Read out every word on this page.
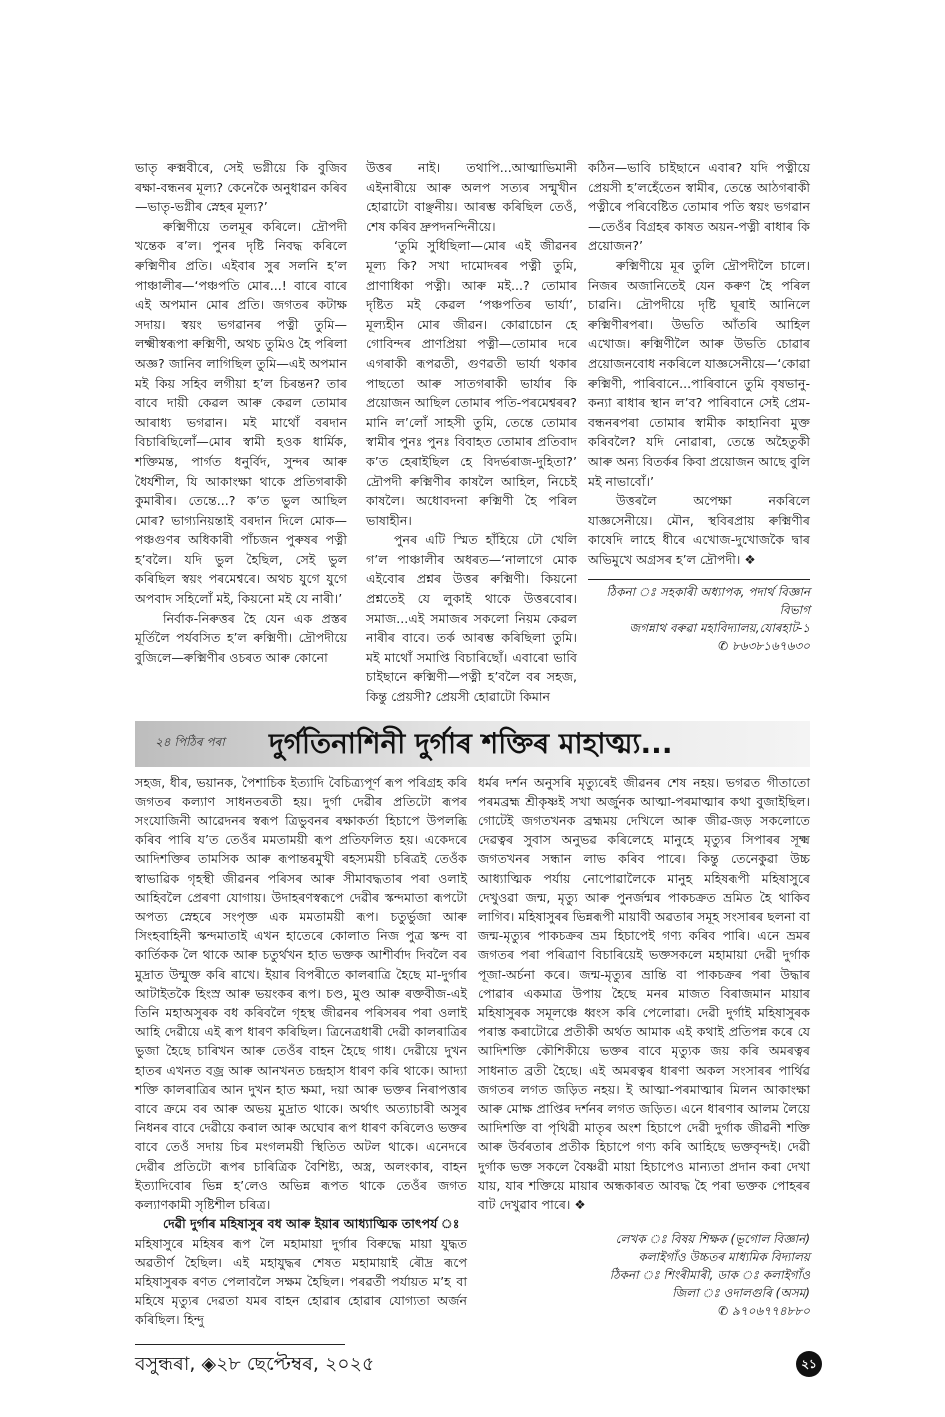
ভাতৃ ৰুক্মবীৰে, সেই ভগ্নীয়ে কি বুজিব ৰক্ষা-বন্ধনৰ মূল্য? কেনেকৈ অনুধাৱন কৰিব—ভাতৃ-ভগ্নীৰ স্নেহৰ মূল্য?’

ৰুক্মিণীয়ে তলমূৰ কৰিলে। দ্ৰৌপদী খন্তেক ৰ’ল। পুনৰ দৃষ্টি নিবদ্ধ কৰিলে ৰুক্মিণীৰ প্ৰতি। এইবাৰ সুৰ সলনি হ’ল পাঞ্চালীৰ—‘পঞ্চপতি মোৰ...! বাৰে বাৰে এই অপমান মোৰ প্ৰতি। জগতৰ কটাক্ষ সদায়। স্বয়ং ভগৱানৰ পত্নী তুমি—লক্ষ্মীস্বৰূপা ৰুক্মিণী, অথচ তুমিও হৈ পৰিলা অজ্ঞ? জানিব লাগিছিল তুমি—এই অপমান মই কিয় সহিব লগীয়া হ’ল চিৰন্তন? তাৰ বাবে দায়ী কেৱল আৰু কেৱল তোমাৰ আৰাধ্য ভগৱান। মই মাথোঁ বৰদান বিচাৰিছিলোঁ—মোৰ স্বামী হওক ধাৰ্মিক, শক্তিমন্ত, পাৰ্গত ধনুৰ্বিদ, সুন্দৰ আৰু ধৈৰ্যশীল, যি আকাংক্ষা থাকে প্ৰতিগৰাকী কুমাৰীৰ। তেন্তে...? ক’ত ভুল আছিল মোৰ? ভাগ্যনিয়ন্তাই বৰদান দিলে মোক—পঞ্চগুণৰ অধিকাৰী পাঁচজন পুৰুষৰ পত্নী হ’বলৈ। যদি ভুল হৈছিল, সেই ভুল কৰিছিল স্বয়ং পৰমেশ্বৰে। অথচ যুগে যুগে অপবাদ সহিলোঁ মই, কিয়নো মই যে নাৰী।’

নিৰ্বাক-নিৰুত্তৰ হৈ যেন এক প্ৰস্তৰ মূৰ্তিলৈ পৰ্যবসিত হ’ল ৰুক্মিণী। দ্ৰৌপদীয়ে বুজিলে—ৰুক্মিণীৰ ওচৰত আৰু কোনো

উত্তৰ নাই। তথাপি...আত্মাভিমানী এইনাৰীয়ে আৰু অলপ সত্যৰ সন্মুখীন হোৱাটো বাঞ্ছনীয়। আৰম্ভ কৰিছিল তেওঁ, শেষ কৰিব দ্ৰুপদনন্দিনীয়ে।

‘তুমি সুধিছিলা—মোৰ এই জীৱনৰ মূল্য কি? সখা দামোদৰৰ পত্নী তুমি, প্ৰাণাধিকা পত্নী। আৰু মই...? তোমাৰ দৃষ্টিত মই কেৱল ‘পঞ্চপতিৰ ভাৰ্যা’, মূল্যহীন মোৰ জীৱন। কোৱাচোন হে গোবিন্দৰ প্ৰাণপ্ৰিয়া পত্নী—তোমাৰ দৰে এগৰাকী ৰূপৱতী, গুণৱতী ভাৰ্যা থকাৰ পাছতো আৰু সাতগৰাকী ভাৰ্যাৰ কি প্ৰয়োজন আছিল তোমাৰ পতি-পৰমেশ্বৰৰ? মানি ল’লোঁ সাহসী তুমি, তেন্তে তোমাৰ স্বামীৰ পুনঃ পুনঃ বিবাহত তোমাৰ প্ৰতিবাদ ক’ত হেৰাইছিল হে বিদৰ্ভৰাজ-দুহিতা?’ দ্ৰৌপদী ৰুক্মিণীৰ কাষলৈ আহিল, নিচেই কাষলৈ। অধোবদনা ৰুক্মিণী হৈ পৰিল ভাষাহীন।

পুনৰ এটি স্মিত হাঁহিয়ে ঢৌ খেলি গ’ল পাঞ্চালীৰ অধৰত—‘নালাগে মোক এইবোৰ প্ৰশ্নৰ উত্তৰ ৰুক্মিণী। কিয়নো প্ৰশ্নতেই যে লুকাই থাকে উত্তৰবোৰ। সমাজ...এই সমাজৰ সকলো নিয়ম কেৱল নাৰীৰ বাবে। তৰ্ক আৰম্ভ কৰিছিলা তুমি। মই মাথোঁ সমাপ্তি বিচাৰিছোঁ। এবাৰো ভাবি চাইছানে ৰুক্মিণী—পত্নী হ’বলৈ বৰ সহজ, কিন্তু প্ৰেয়সী? প্ৰেয়সী হোৱাটো কিমান

কঠিন—ভাবি চাইছানে এবাৰ? যদি পত্নীয়ে প্ৰেয়সী হ’লহেঁতেন স্বামীৰ, তেন্তে আঠগৰাকী পত্নীৰে পৰিবেষ্টিত তোমাৰ পতি স্বয়ং ভগৱান—তেওঁৰ বিগ্ৰহৰ কাষত অয়ন-পত্নী ৰাধাৰ কি প্ৰয়োজন?’

ৰুক্মিণীয়ে মূৰ তুলি দ্ৰৌপদীলৈ চালে। নিজৰ অজানিতেই যেন কৰুণ হৈ পৰিল চাৱনি। দ্ৰৌপদীয়ে দৃষ্টি ঘূৰাই আনিলে ৰুক্মিণীৰপৰা। উভতি আঁতৰি আহিল এখোজ। ৰুক্মিণীলৈ আৰু উভতি চোৱাৰ প্ৰয়োজনবোধ নকৰিলে যাজ্ঞসেনীয়ে—‘কোৱা ৰুক্মিণী, পাৰিবানে...পাৰিবানে তুমি বৃষভানু-কন্যা ৰাধাৰ স্থান ল’ব? পাৰিবানে সেই প্ৰেম-বন্ধনৰপৰা তোমাৰ স্বামীক কাহানিবা মুক্ত কৰিবলৈ? যদি নোৱাৰা, তেন্তে অহৈতুকী আৰু অন্য বিতৰ্কৰ কিবা প্ৰয়োজন আছে বুলি মই নাভাবোঁ।’

উত্তৰলৈ অপেক্ষা নকৰিলে যাজ্ঞসেনীয়ে। মৌন, স্থবিৰপ্ৰায় ৰুক্মিণীৰ কাষেদি লাহে ধীৰে এখোজ-দুখোজকৈ দ্বাৰ অভিমুখে অগ্ৰসৰ হ’ল দ্ৰৌপদী। ❖

ঠিকনা ঃ সহকাৰী অধ্যাপক, পদাৰ্থ বিজ্ঞান বিভাগ
জগন্নাথ বৰুৱা মহাবিদ্যালয়,যোৰহাট-১
✆ ৮৬৩৮১৬৭৬৩০
২৪ পিঠিৰ পৰা	দুৰ্গতিনাশিনী দুৰ্গাৰ শক্তিৰ মাহাত্ম্য...

সহজ, ধীৰ, ভয়ানক, পৈশাচিক ইত্যাদি বৈচিত্ৰ্যপূৰ্ণ ৰূপ পৰিগ্ৰহ কৰি জগতৰ কল্যাণ সাধনতৰতী হয়। দুৰ্গা দেৱীৰ প্ৰতিটো ৰূপৰ সংযোজিনী আৱেদনৰ স্বৰূপ ত্ৰিভুবনৰ ৰক্ষাকৰ্তা হিচাপে উপলব্ধি কৰিব পাৰি য’ত তেওঁৰ মমতাময়ী ৰূপ প্ৰতিফলিত হয়। একেদৰে আদিশক্তিৰ তামসিক আৰু ৰূপান্তৰমুখী ৰহস্যময়ী চৰিত্ৰই তেওঁক স্বাভাৱিক গৃহস্থী জীৱনৰ পৰিসৰ আৰু সীমাবদ্ধতাৰ পৰা ওলাই আহিবলৈ প্ৰেৰণা যোগায়। উদাহৰণস্বৰূপে দেৱীৰ স্কন্দমাতা ৰূপটো অপত্য স্নেহৰে সংপৃক্ত এক মমতাময়ী ৰূপ। চতুৰ্ভুজা আৰু সিংহবাহিনী স্কন্দমাতাই এখন হাতেৰে কোলাত নিজ পুত্ৰ স্কন্দ বা কাৰ্তিকক লৈ থাকে আৰু চতুৰ্থখন হাত ভক্তক আশীৰ্বাদ দিবলৈ বৰ মুদ্ৰাত উন্মুক্ত কৰি ৰাখে। ইয়াৰ বিপৰীতে কালৰাত্ৰি হৈছে মা-দুৰ্গাৰ আটাইতকৈ হিংস্ৰ আৰু ভয়ংকৰ ৰূপ। চণ্ড, মুণ্ড আৰু ৰক্তবীজ-এই তিনি মহাঅসুৰক বধ কৰিবলৈ গৃহস্থ জীৱনৰ পৰিসৰৰ পৰা ওলাই আহি দেৱীয়ে এই ৰূপ ধাৰণ কৰিছিল। ত্ৰিনেত্ৰধাৰী দেৱী কালৰাত্ৰিৰ ভুজা হৈছে চাৰিখন আৰু তেওঁৰ বাহন হৈছে গাধ। দেৱীয়ে দুখন হাতৰ এখনত বজ্ৰ আৰু আনখনত চন্দ্ৰহাস ধাৰণ কৰি থাকে। আদ্যা শক্তি কালৰাত্ৰিৰ আন দুখন হাত ক্ষমা, দয়া আৰু ভক্তৰ নিৰাপত্তাৰ বাবে ক্ৰমে বৰ আৰু অভয় মুদ্ৰাত থাকে। অৰ্থাৎ অত্যাচাৰী অসুৰ নিধনৰ বাবে দেৱীয়ে কৰাল আৰু অঘোৰ ৰূপ ধাৰণ কৰিলেও ভক্তৰ বাবে তেওঁ সদায় চিৰ মংগলময়ী স্থিতিত অটল থাকে। এনেদৰে দেৱীৰ প্ৰতিটো ৰূপৰ চাৰিত্ৰিক বৈশিষ্ট্য, অস্ত্ৰ, অলংকাৰ, বাহন ইত্যাদিবোৰ ভিন্ন হ’লেও অভিন্ন ৰূপত থাকে তেওঁৰ জগত কল্যাণকামী সৃষ্টিশীল চৰিত্ৰ।

দেৱী দুৰ্গাৰ মহিষাসুৰ বধ আৰু ইয়াৰ আধ্যাত্মিক তাৎপৰ্য ঃ

মহিষাসুৰে মহিষৰ ৰূপ লৈ মহামায়া দুৰ্গাৰ বিৰুদ্ধে মায়া যুদ্ধত অৱতীৰ্ণ হৈছিল। এই মহাযুদ্ধৰ শেষত মহামায়াই ৰৌদ্ৰ ৰূপে মহিষাসুৰক ৰণত পেলাবলৈ সক্ষম হৈছিল। পৰৱৰ্তী পৰ্যায়ত ম’হ বা মহিষে মৃত্যুৰ দেৱতা যমৰ বাহন হোৱাৰ হোৱাৰ যোগ্যতা অৰ্জন কৰিছিল। হিন্দু

ধৰ্মৰ দৰ্শন অনুসৰি মৃত্যুৰেই জীৱনৰ শেষ নহয়। ভগৱত গীতাতো পৰমব্ৰহ্ম শ্ৰীকৃষ্ণই সখা অৰ্জুনক আত্মা-পৰমাত্মাৰ কথা বুজাইছিল। গোটেই জগতখনক ব্ৰহ্মময় দেখিলে আৰু জীৱ-জড় সকলোতে দেৱত্বৰ সুবাস অনুভৱ কৰিলেহে মানুহে মৃত্যুৰ সিপাৰৰ সূক্ষ্ম জগতখনৰ সন্ধান লাভ কৰিব পাৰে। কিন্তু তেনেকুৱা উচ্চ আধ্যাত্মিক পৰ্যায় নোপোৱালৈকে মানুহ মহিষৰূপী মহিষাসুৰে দেখুওৱা জন্ম, মৃত্যু আৰু পুনৰ্জন্মৰ পাকচক্ৰত ভ্ৰমিত হৈ থাকিব লাগিব। মহিষাসুৰৰ ভিন্নৰূপী মায়াবী অৱতাৰ সমূহ সংসাৰৰ ছলনা বা জন্ম-মৃত্যুৰ পাকচক্ৰৰ ভ্ৰম হিচাপেই গণ্য কৰিব পাৰি। এনে ভ্ৰমৰ জগতৰ পৰা পৰিত্ৰাণ বিচাৰিয়েই ভক্তসকলে মহামায়া দেৱী দুৰ্গাক পূজা-অৰ্চনা কৰে। জন্ম-মৃত্যুৰ ভ্ৰান্তি বা পাকচক্ৰৰ পৰা উদ্ধাৰ পোৱাৰ একমাত্ৰ উপায় হৈছে মনৰ মাজত বিৰাজমান মায়াৰ মহিষাসুৰক সমূলঞ্চে ধ্বংস কৰি পেলোৱা। দেৱী দুৰ্গাই মহিষাসুৰক পৰাস্ত কৰাটোৱে প্ৰতীকী অৰ্থত আমাক এই কথাই প্ৰতিপন্ন কৰে যে আদিশক্তি কৌশিকীয়ে ভক্তৰ বাবে মৃত্যুক জয় কৰি অমৰত্বৰ সাধনাত ব্ৰতী হৈছে। এই অমৰত্বৰ ধাৰণা অকল সংসাৰৰ পাৰ্থিৱ জগতৰ লগত জড়িত নহয়। ই আত্মা-পৰমাত্মাৰ মিলন আকাংক্ষা আৰু মোক্ষ প্ৰাপ্তিৰ দৰ্শনৰ লগত জড়িত। এনে ধাৰণাৰ আলম লৈয়ে আদিশক্তি বা পৃথিৱী মাতৃৰ অংশ হিচাপে দেৱী দুৰ্গাক জীৱনী শক্তি আৰু উৰ্বৰতাৰ প্ৰতীক হিচাপে গণ্য কৰি আহিছে ভক্তবৃন্দই। দেৱী দুৰ্গাক ভক্ত সকলে বৈষ্ণৱী মায়া হিচাপেও মান্যতা প্ৰদান কৰা দেখা যায়, যাৰ শক্তিয়ে মায়াৰ অন্ধকাৰত আবদ্ধ হৈ পৰা ভক্তক পোহৰৰ বাট দেখুৱাব পাৰে। ❖

লেখক ঃ বিষয় শিক্ষক (ভূগোল বিজ্ঞান)
কলাইগাঁও উচ্চতৰ মাধ্যমিক বিদ্যালয়
ঠিকনা ঃ শিংৰীমাৰী, ডাক ঃ কলাইগাঁও
জিলা ঃ ওদালগুৰি (অসম)
✆ ৯৭০৬৭৭৪৮৮০
বসুন্ধৰা, ◈২৮ ছেপ্টেম্বৰ, ২০২৫	২১
